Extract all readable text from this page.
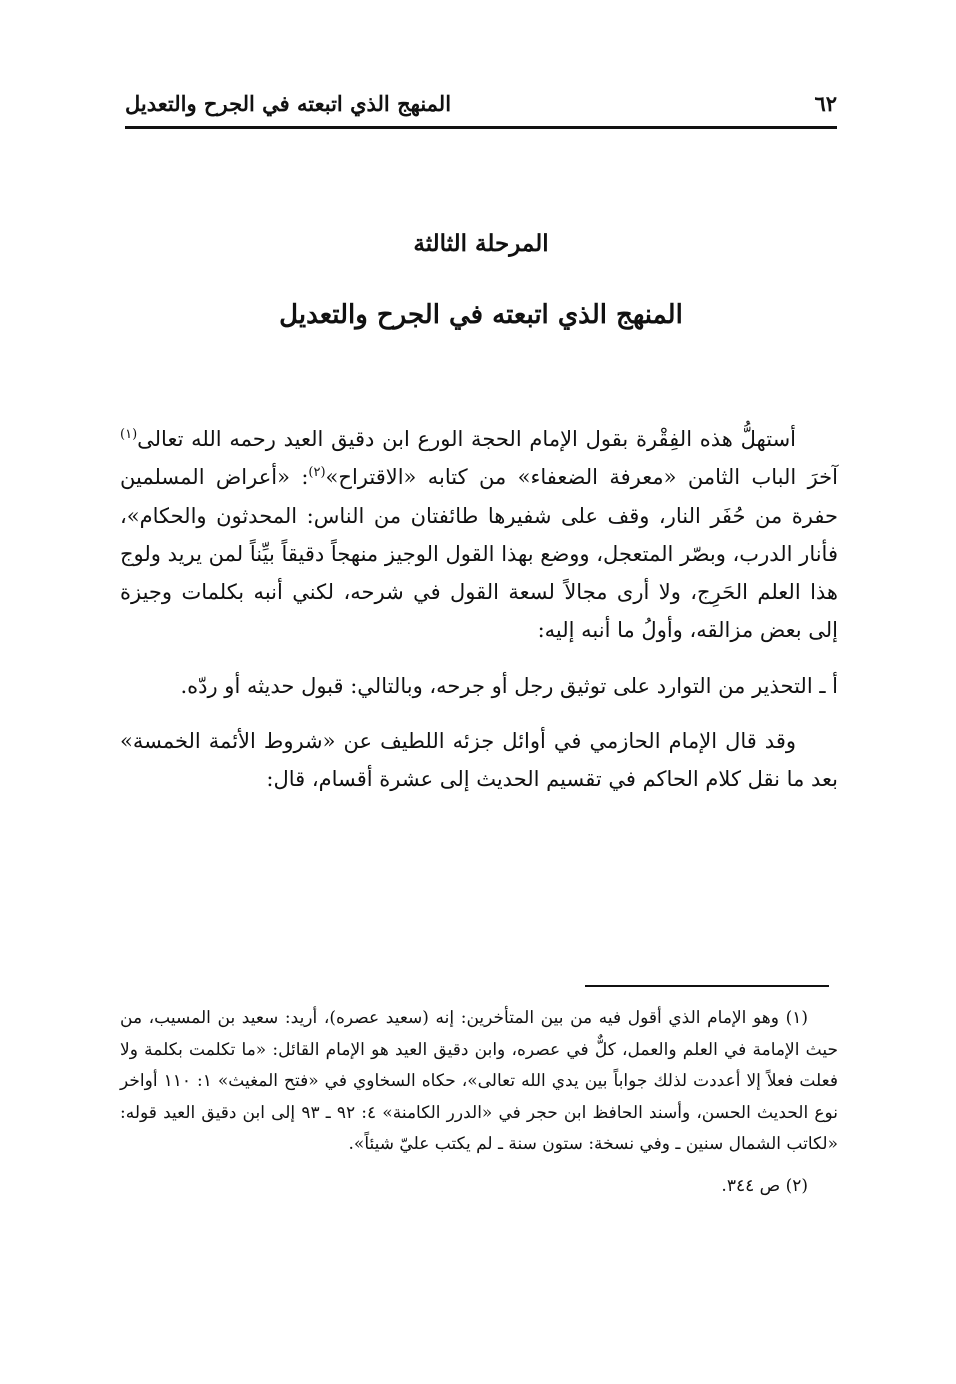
٦٢
المنهج الذي اتبعته في الجرح والتعديل
المرحلة الثالثة
المنهج الذي اتبعته في الجرح والتعديل

أستهلُّ هذه الفِقْرة بقول الإمام الحجة الورع ابن دقيق العيد رحمه الله تعالى$^{(١)}$ آخرَ الباب الثامن «معرفة الضعفاء» من كتابه «الاقتراح»$^{(٢)}$: «أعراض المسلمين حفرة من حُفَر النار، وقف على شفيرها طائفتان من الناس: المحدثون والحكام»، فأنار الدرب، وبصّر المتعجل، ووضع بهذا القول الوجيز منهجاً دقيقاً بيِّناً لمن يريد ولوج هذا العلم الحَرِج، ولا أرى مجالاً لسعة القول في شرحه، لكني أنبه بكلمات وجيزة إلى بعض مزالقه، وأولُ ما أنبه إليه:

أ ـ التحذير من التوارد على توثيق رجل أو جرحه، وبالتالي: قبول حديثه أو ردّه.

وقد قال الإمام الحازمي في أوائل جزئه اللطيف عن «شروط الأئمة الخمسة» بعد ما نقل كلام الحاكم في تقسيم الحديث إلى عشرة أقسام، قال:

(١) وهو الإمام الذي أقول فيه من بين المتأخرين: إنه (سعيد عصره)، أريد: سعيد بن المسيب، من حيث الإمامة في العلم والعمل، كلٌّ في عصره، وابن دقيق العيد هو الإمام القائل: «ما تكلمت بكلمة ولا فعلت فعلاً إلا أعددت لذلك جواباً بين يدي الله تعالى»، حكاه السخاوي في «فتح المغيث» ١: ١١٠ أواخر نوع الحديث الحسن، وأسند الحافظ ابن حجر في «الدرر الكامنة» ٤: ٩٢ ـ ٩٣ إلى ابن دقيق العيد قوله: «لكاتب الشمال سنين ـ وفي نسخة: ستون سنة ـ لم يكتب عليّ شيئاً».

(٢) ص ٣٤٤.
